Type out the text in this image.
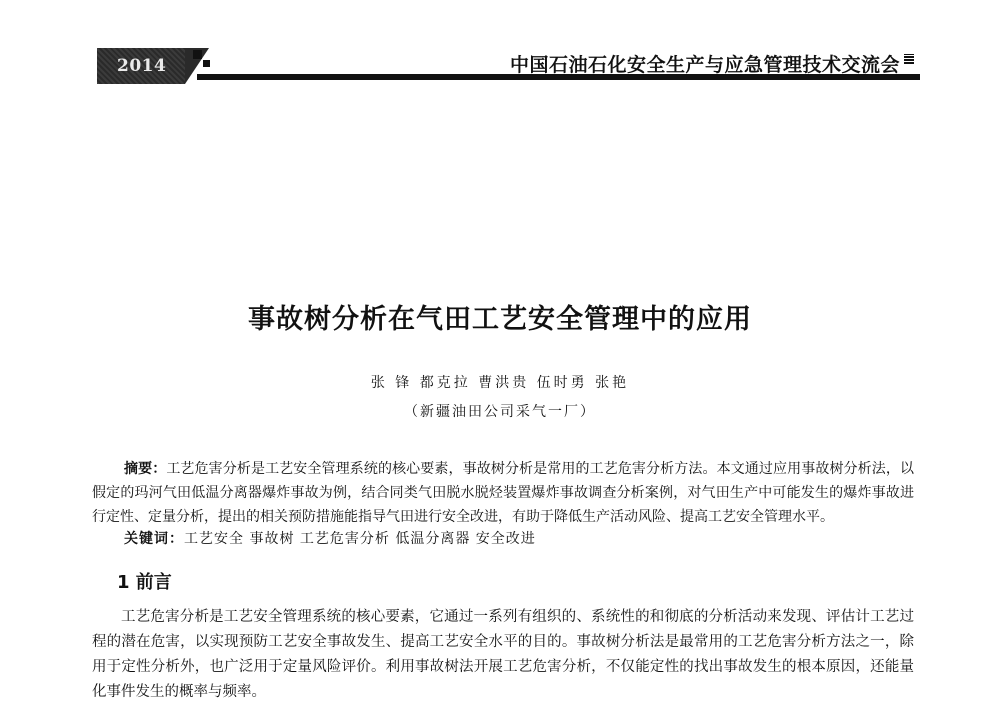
2014	中国石油石化安全生产与应急管理技术交流会
事故树分析在气田工艺安全管理中的应用
张 锋 都克拉 曹洪贵 伍时勇 张艳
（新疆油田公司采气一厂）
摘要：工艺危害分析是工艺安全管理系统的核心要素，事故树分析是常用的工艺危害分析方法。本文通过应用事故树分析法，以假定的玛河气田低温分离器爆炸事故为例，结合同类气田脱水脱烃装置爆炸事故调查分析案例，对气田生产中可能发生的爆炸事故进行定性、定量分析，提出的相关预防措施能指导气田进行安全改进，有助于降低生产活动风险、提高工艺安全管理水平。
关键词：工艺安全 事故树 工艺危害分析 低温分离器 安全改进
1 前言
工艺危害分析是工艺安全管理系统的核心要素，它通过一系列有组织的、系统性的和彻底的分析活动来发现、评估计工艺过程的潜在危害，以实现预防工艺安全事故发生、提高工艺安全水平的目的。事故树分析法是最常用的工艺危害分析方法之一，除用于定性分析外，也广泛用于定量风险评价。利用事故树法开展工艺危害分析，不仅能定性的找出事故发生的根本原因，还能量化事件发生的概率与频率。
